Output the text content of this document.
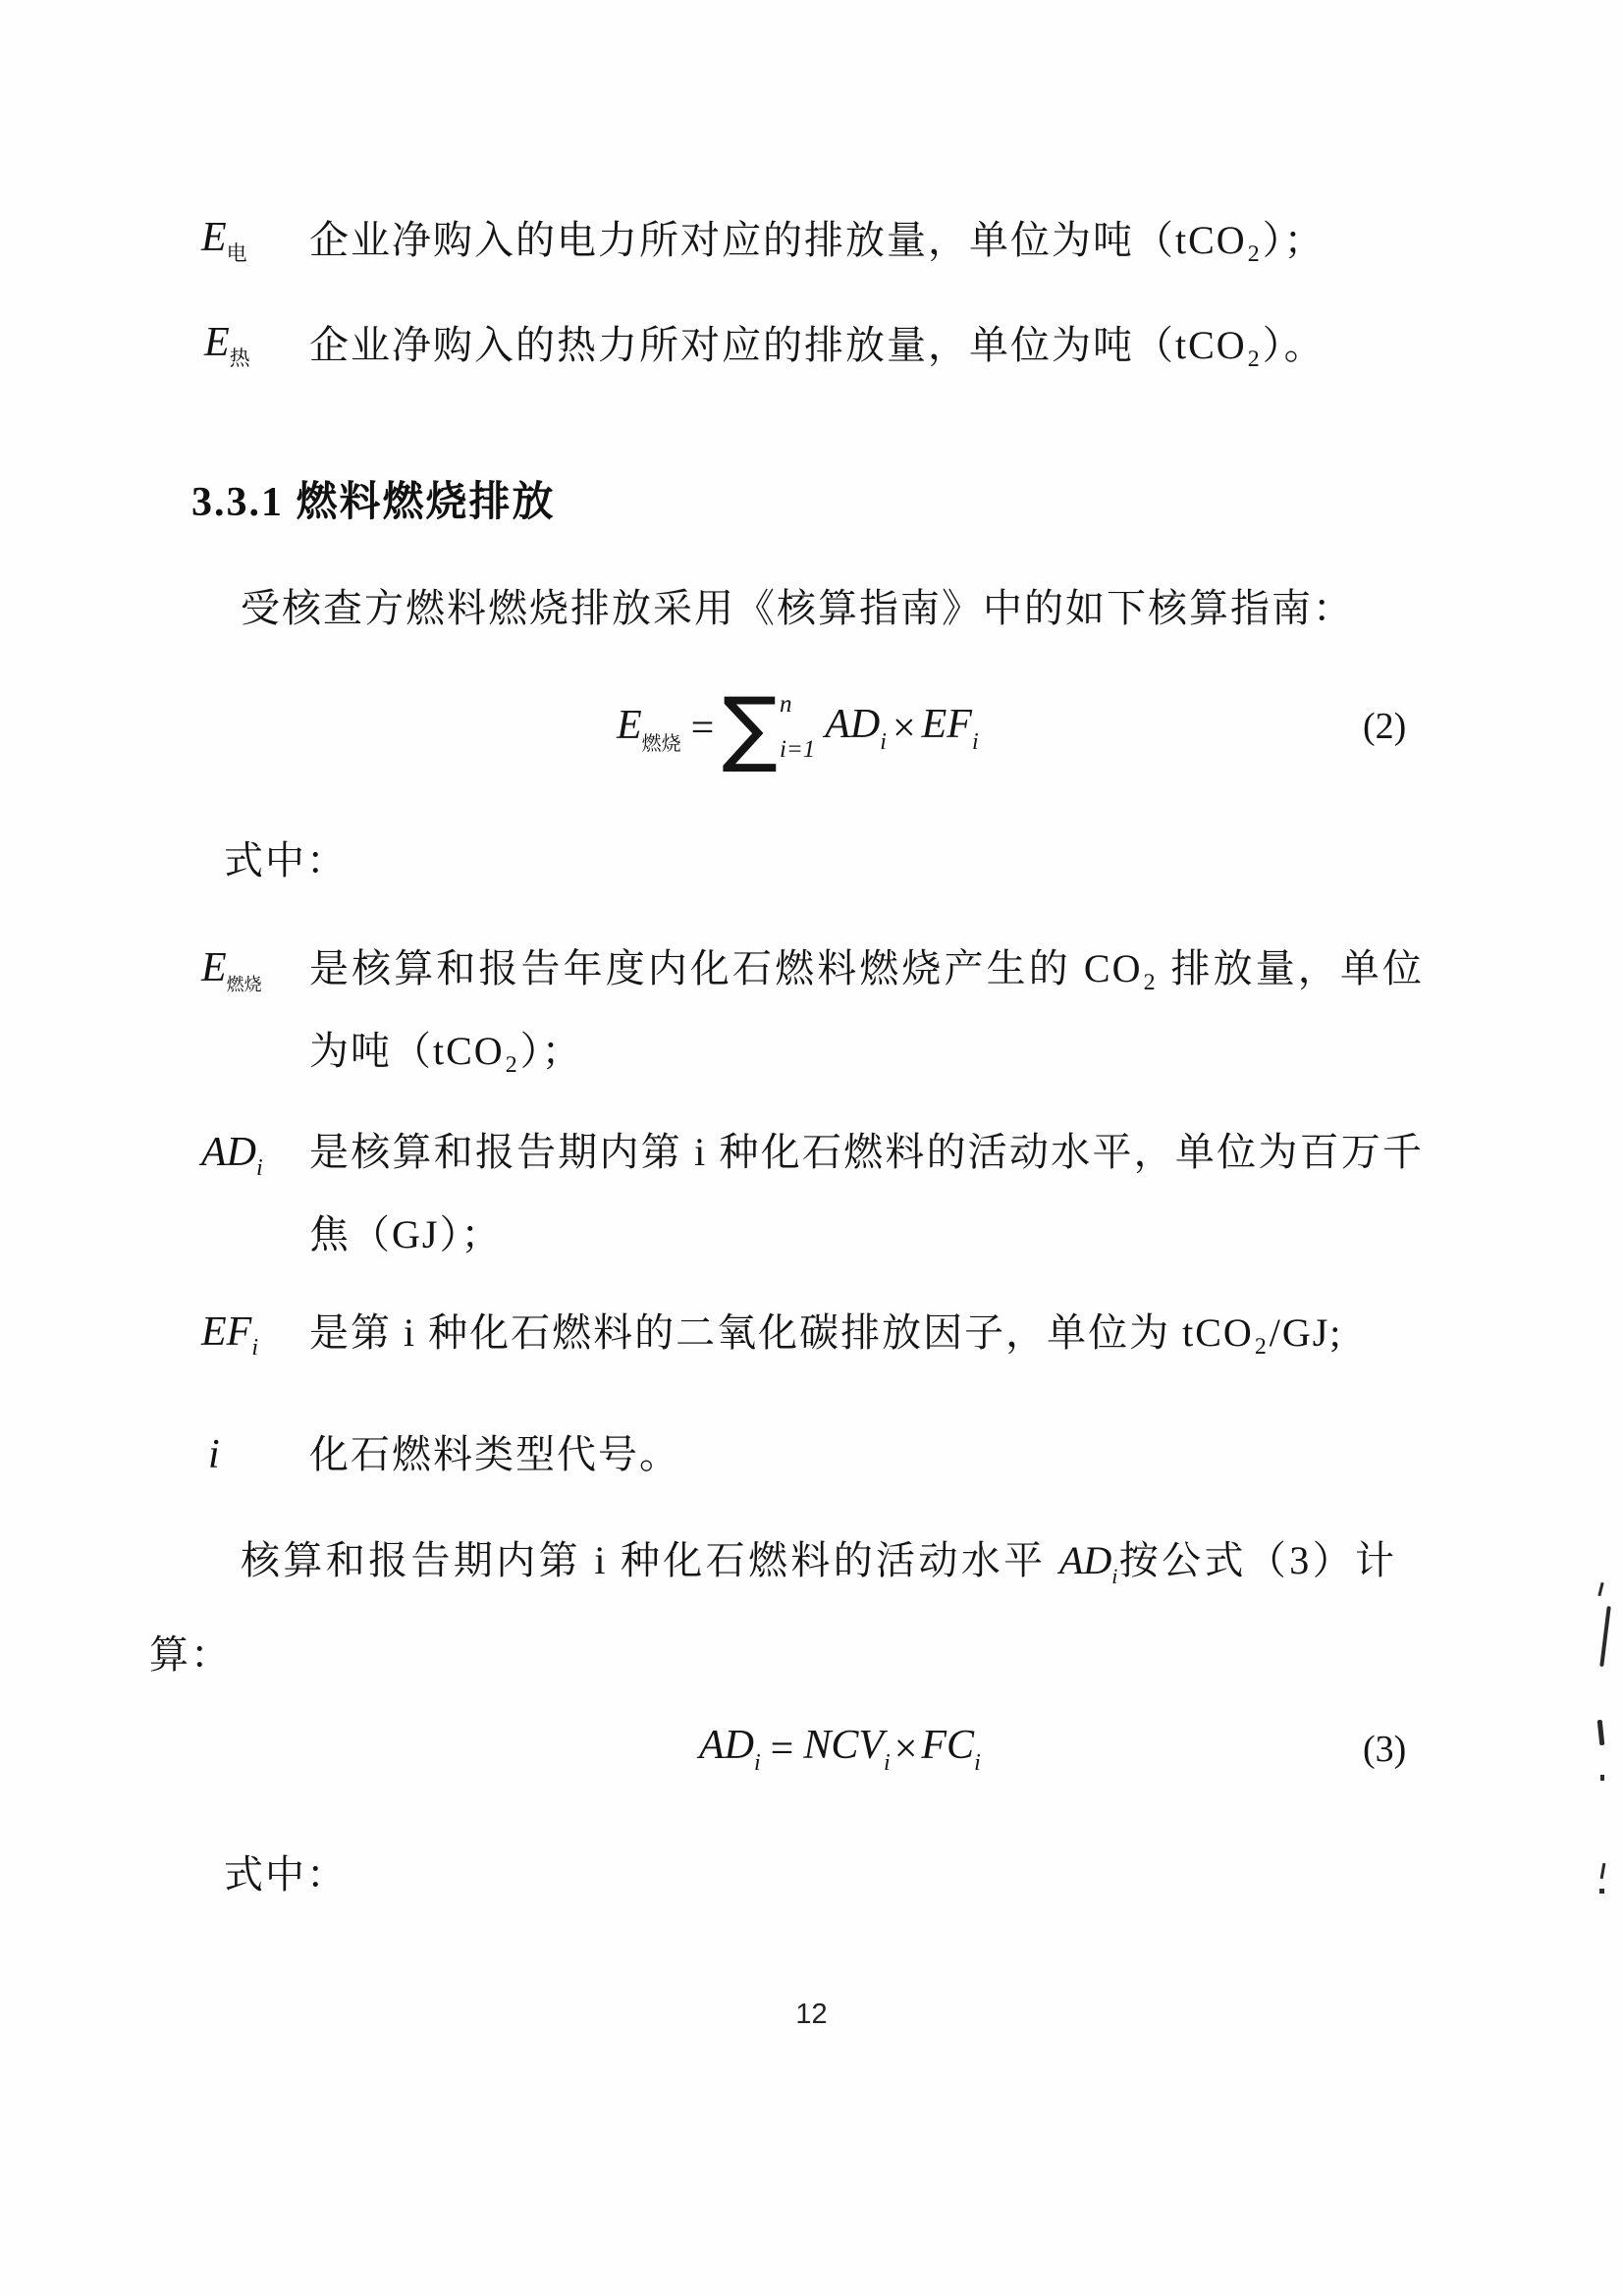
$E_电$ 企业净购入的电力所对应的排放量，单位为吨（tCO₂）；
$E_热$ 企业净购入的热力所对应的排放量，单位为吨（tCO₂）。
3.3.1 燃料燃烧排放
受核查方燃料燃烧排放采用《核算指南》中的如下核算指南：
$E_{燃烧}$ = ∑ n
i=1
$AD_i \times EF_i$	(2)
式中：
$E_{燃烧}$ 是核算和报告年度内化石燃料燃烧产生的 CO₂ 排放量，单位为吨（tCO₂）；
$AD_i$ 是核算和报告期内第 i 种化石燃料的活动水平，单位为百万千焦（GJ）；
$EF_i$ 是第 i 种化石燃料的二氧化碳排放因子，单位为 tCO₂/GJ;
i 化石燃料类型代号。
核算和报告期内第 i 种化石燃料的活动水平 $AD_i$按公式（3）计算：
$AD_i = NCV_i \times FC_i$	(3)
式中：
12
